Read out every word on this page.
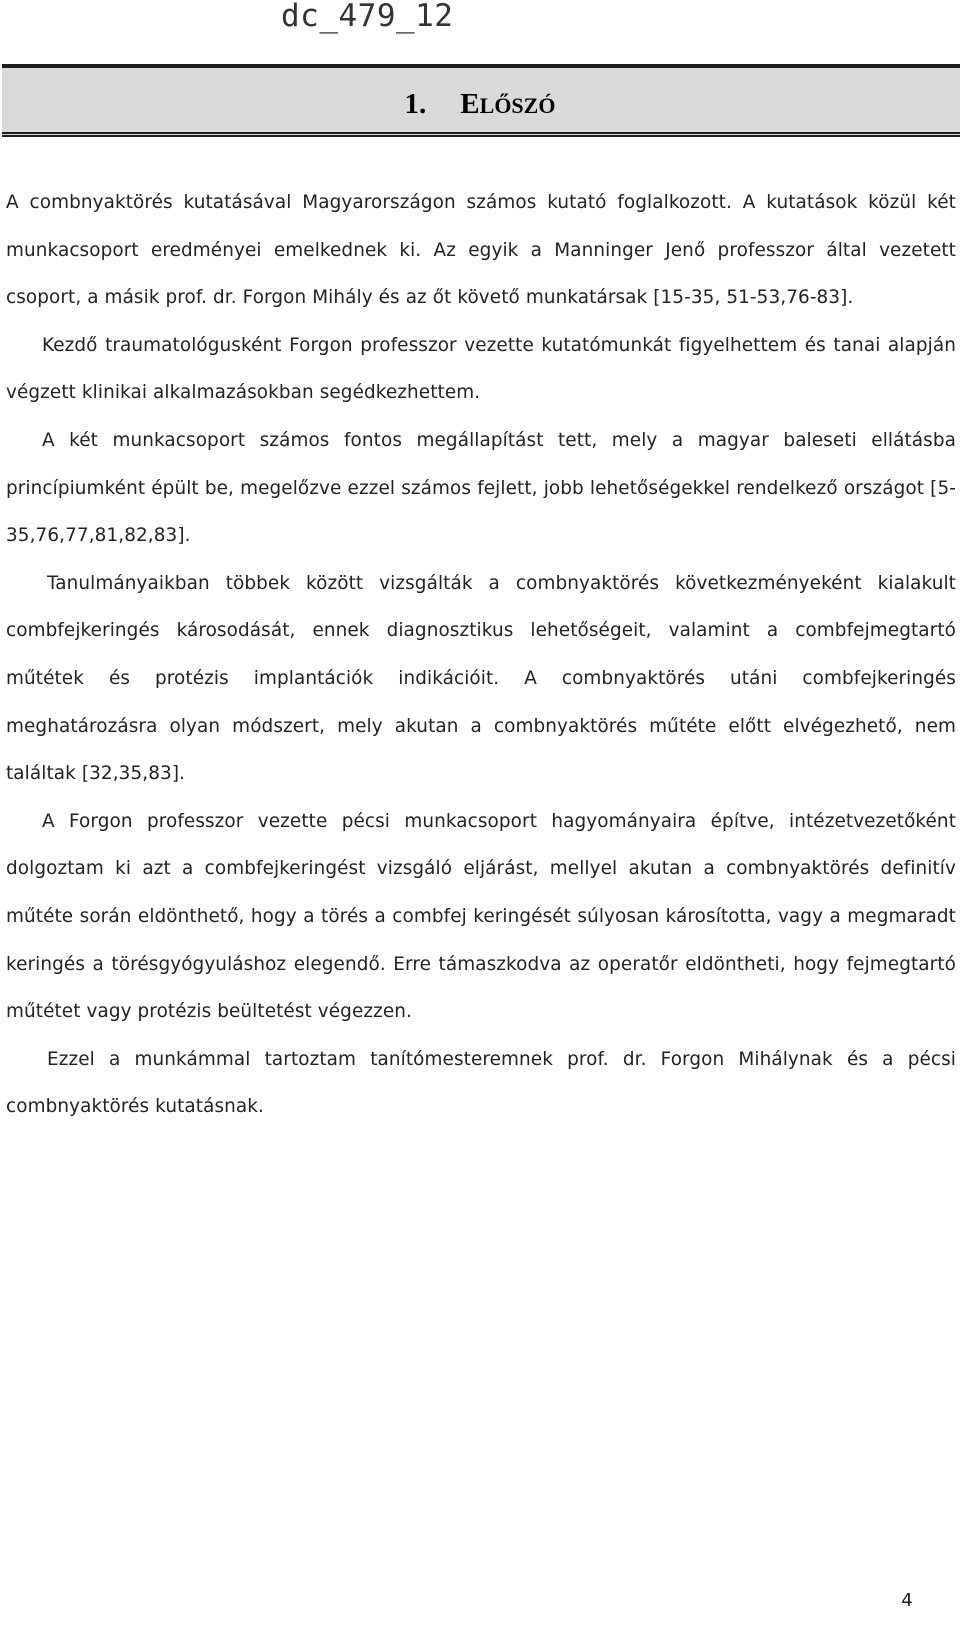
dc_479_12
1. ELŐSZÓ

A combnyaktörés kutatásával Magyarországon számos kutató foglalkozott. A kutatások közül két munkacsoport eredményei emelkednek ki. Az egyik a Manninger Jenő professzor által vezetett csoport, a másik prof. dr. Forgon Mihály és az őt követő munkatársak [15-35, 51-53,76-83].

Kezdő traumatológusként Forgon professzor vezette kutatómunkát figyelhettem és tanai alapján végzett klinikai alkalmazásokban segédkezhettem.

A két munkacsoport számos fontos megállapítást tett, mely a magyar baleseti ellátásba princípiumként épült be, megelőzve ezzel számos fejlett, jobb lehetőségekkel rendelkező országot [5-35,76,77,81,82,83].

Tanulmányaikban többek között vizsgálták a combnyaktörés következményeként kialakult combfejkeringés károsodását, ennek diagnosztikus lehetőségeit, valamint a combfejmegtartó műtétek és protézis implantációk indikációit. A combnyaktörés utáni combfejkeringés meghatározásra olyan módszert, mely akutan a combnyaktörés műtéte előtt elvégezhető, nem találtak [32,35,83].

A Forgon professzor vezette pécsi munkacsoport hagyományaira építve, intézetvezetőként dolgoztam ki azt a combfejkeringést vizsgáló eljárást, mellyel akutan a combnyaktörés definitív műtéte során eldönthető, hogy a törés a combfej keringését súlyosan károsította, vagy a megmaradt keringés a törésgyógyuláshoz elegendő. Erre támaszkodva az operatőr eldöntheti, hogy fejmegtartó műtétet vagy protézis beültetést végezzen.

Ezzel a munkámmal tartoztam tanítómesteremnek prof. dr. Forgon Mihálynak és a pécsi combnyaktörés kutatásnak.

4
